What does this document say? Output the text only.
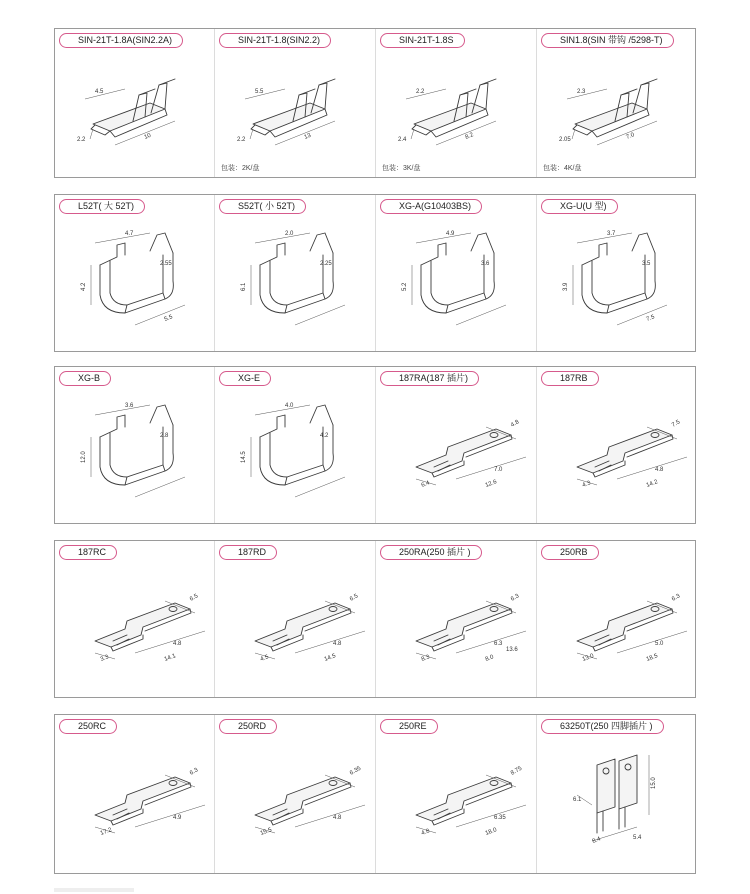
4.5
2.2	10
SIN-21T-1.8A(SIN2.2A)
5.5
2.2	13
SIN-21T-1.8(SIN2.2)
包装：2K/盘
2.2
2.4	8.2
SIN-21T-1.8S
包装：3K/盘
2.3
2.05	7.0
SIN1.8(SIN 带钩 /5298-T)
包装：4K/盘
4.7
2.55
4.2
5.5
L52T( 大 52T)
2.0
2.25
6.1
S52T( 小 52T)
4.9
3.6
5.2
XG-A(G10403BS)
3.7
3.5
3.9
7.5
XG-U(U 型)
3.6
2.8
12.0
XG-B
4.0
4.2
14.5
XG-E
4.8
7.0
6.4	12.6
187RA(187 插片)
7.5
4.8
4.3	14.2
187RB
6.5
4.8
3.3	14.1
187RC
6.5
4.8
4.5	14.5
187RD
6.3
6.3
8.3	8.0
13.6
250RA(250 插片 )
6.3
5.0
13.0	18.5
250RB
6.3
4.9
17.2
250RC
6.35
4.8
15.5
250RD
8.75
6.35
4.8	18.0
250RE
15.0
6.1
8.4	5.4
63250T(250 四脚插片 )
